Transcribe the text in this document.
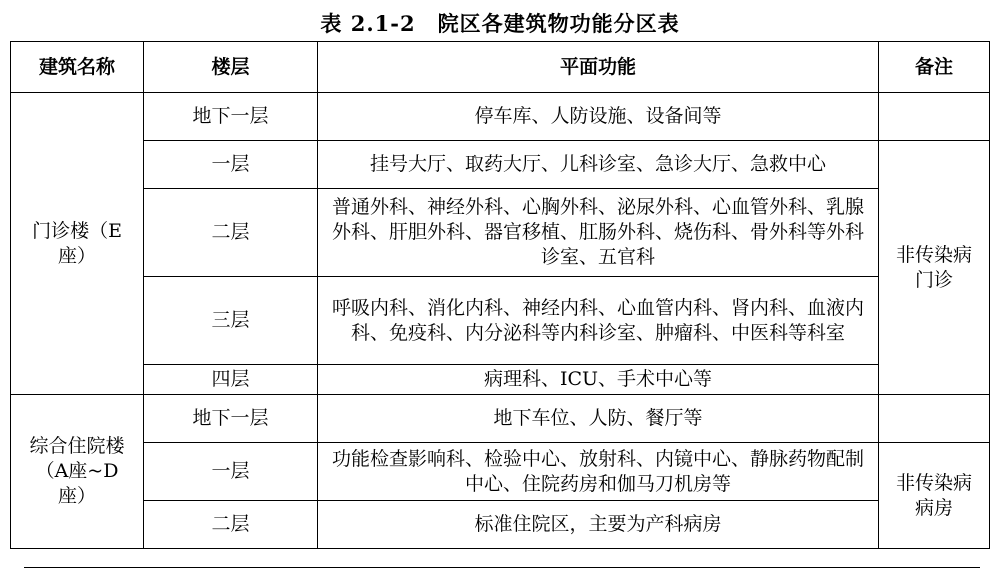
表 2.1-2 院区各建筑物功能分区表
建筑名称	楼层	平面功能	备注
门诊楼（E座）	地下一层	停车库、人防设施、设备间等	
	一层	挂号大厅、取药大厅、儿科诊室、急诊大厅、急救中心	非传染病门诊
	二层	普通外科、神经外科、心胸外科、泌尿外科、心血管外科、乳腺外科、肝胆外科、器官移植、肛肠外科、烧伤科、骨外科等外科诊室、五官科	
	三层	呼吸内科、消化内科、神经内科、心血管内科、肾内科、血液内科、免疫科、内分泌科等内科诊室、肿瘤科、中医科等科室	
	四层	病理科、ICU、手术中心等	
综合住院楼（A座~D座）	地下一层	地下车位、人防、餐厅等	
	一层	功能检查影响科、检验中心、放射科、内镜中心、静脉药物配制中心、住院药房和伽马刀机房等	非传染病病房
	二层	标准住院区，主要为产科病房	
